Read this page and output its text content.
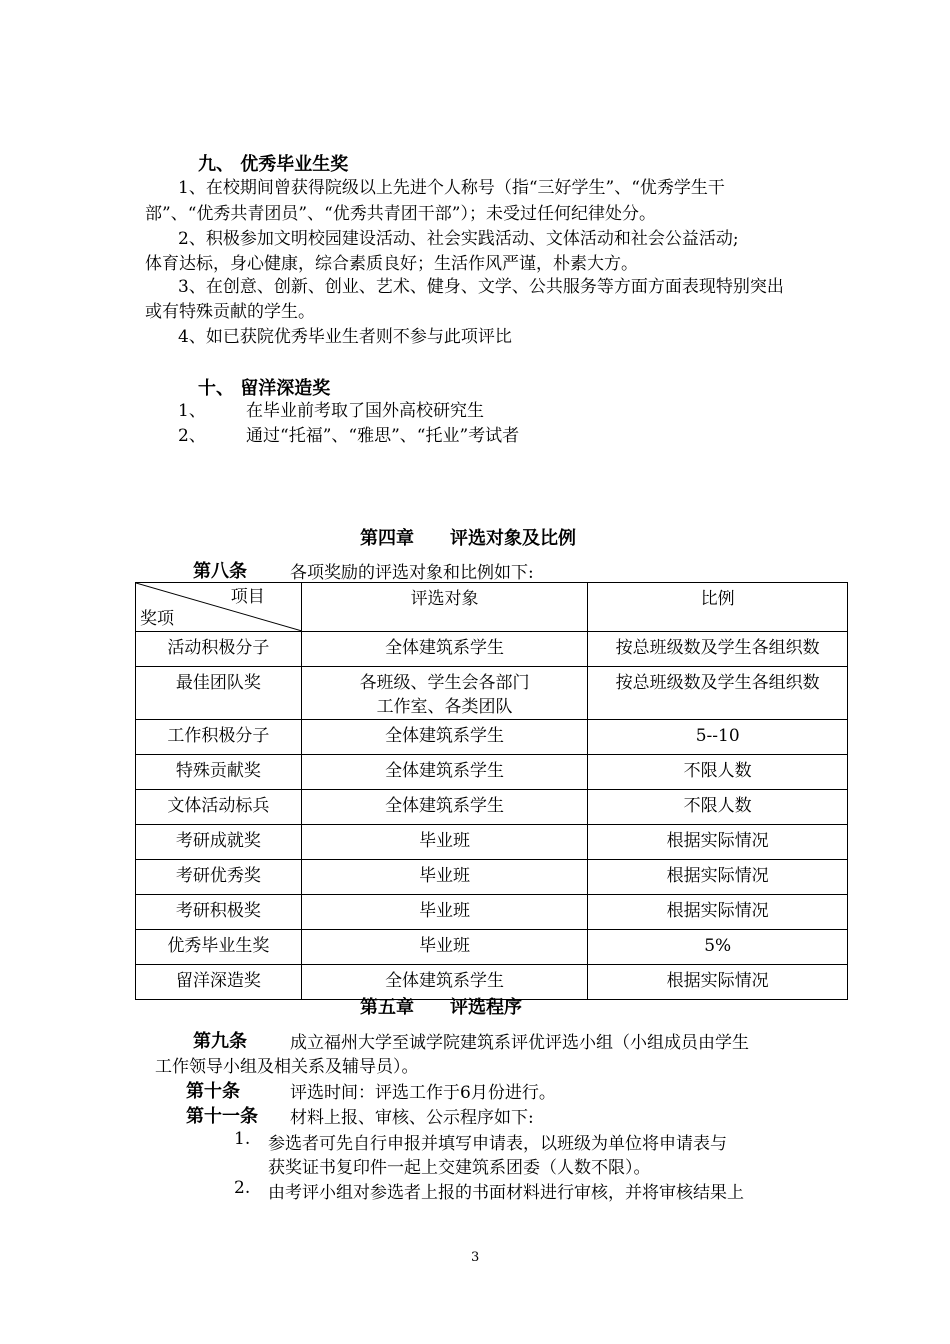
九、 优秀毕业生奖
1、在校期间曾获得院级以上先进个人称号（指“三好学生”、“优秀学生干
部”、“优秀共青团员”、“优秀共青团干部”）；未受过任何纪律处分。
2、积极参加文明校园建设活动、社会实践活动、文体活动和社会公益活动;
体育达标，身心健康，综合素质良好；生活作风严谨，朴素大方。
3、在创意、创新、创业、艺术、健身、文学、公共服务等方面方面表现特别突出
或有特殊贡献的学生。
4、如已获院优秀毕业生者则不参与此项评比
十、 留洋深造奖
1、 在毕业前考取了国外高校研究生
2、 通过“托福”、“雅思”、“托业”考试者
第四章　　评选对象及比例
第八条	各项奖励的评选对象和比例如下:
项目
奖项	评选对象	比例
活动积极分子	全体建筑系学生	按总班级数及学生各组织数
最佳团队奖	各班级、学生会各部门
工作室、各类团队	按总班级数及学生各组织数
工作积极分子	全体建筑系学生	5--10
特殊贡献奖	全体建筑系学生	不限人数
文体活动标兵	全体建筑系学生	不限人数
考研成就奖	毕业班	根据实际情况
考研优秀奖	毕业班	根据实际情况
考研积极奖	毕业班	根据实际情况
优秀毕业生奖	毕业班	5%
留洋深造奖	全体建筑系学生	根据实际情况
第五章　　评选程序
第九条	成立福州大学至诚学院建筑系评优评选小组（小组成员由学生
工作领导小组及相关系及辅导员）。
第十条	评选时间：评选工作于6月份进行。
第十一条 材料上报、审核、公示程序如下:
1. 参选者可先自行申报并填写申请表，以班级为单位将申请表与
获奖证书复印件一起上交建筑系团委（人数不限）。
2. 由考评小组对参选者上报的书面材料进行审核，并将审核结果上
3
